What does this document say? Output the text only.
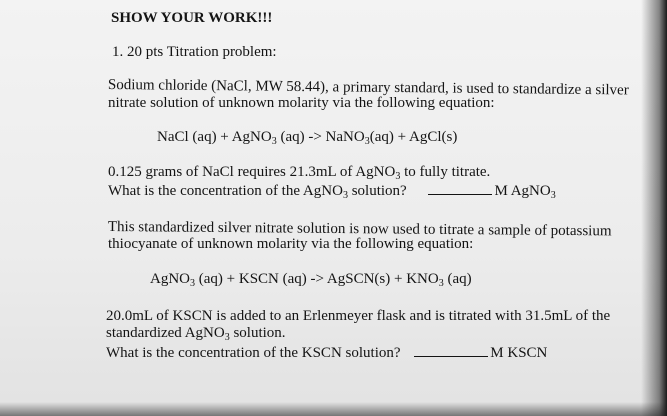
SHOW YOUR WORK!!!
1. 20 pts Titration problem:
Sodium chloride (NaCl, MW 58.44), a primary standard, is used to standardize a silver
nitrate solution of unknown molarity via the following equation:
NaCl (aq) + AgNO$_3$ (aq) -> NaNO$_3$(aq) + AgCl(s)
0.125 grams of NaCl requires 21.3mL of AgNO$_3$ to fully titrate.
What is the concentration of the AgNO$_3$ solution?	M AgNO$_3$
This standardized silver nitrate solution is now used to titrate a sample of potassium
thiocyanate of unknown molarity via the following equation:
AgNO$_3$ (aq) + KSCN (aq) -> AgSCN(s) + $KNO_3$ (aq)
20.0mL of KSCN is added to an Erlenmeyer flask and is titrated with 31.5mL of the
standardized AgNO$_3$ solution.
What is the concentration of the KSCN solution?	M KSCN
